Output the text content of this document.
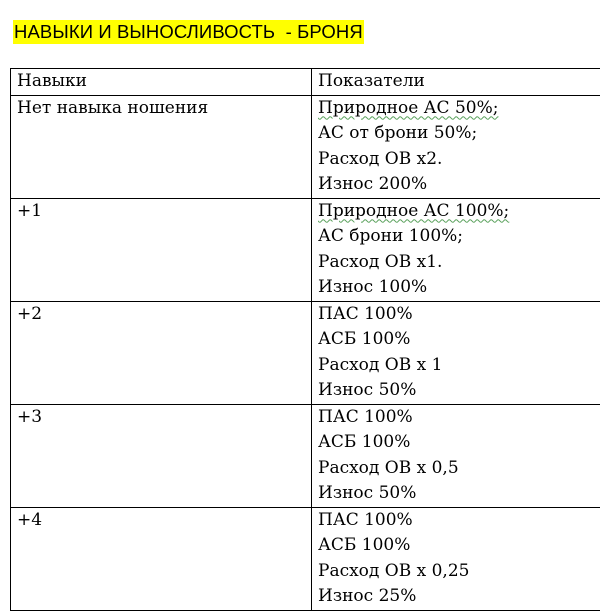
НАВЫКИ И ВЫНОСЛИВОСТЬ  - БРОНЯ
Навыки	Показатели
Нет навыка ношения	Природное АС 50%;
АС от брони 50%;
Расход ОВ х2.
Износ 200%

+1	Природное АС 100%;
АС брони 100%;
Расход ОВ х1.
Износ 100%

+2	ПАС 100%
АСБ 100%
Расход ОВ х 1
Износ 50%

+3	ПАС 100%
АСБ 100%
Расход ОВ х 0,5
Износ 50%

+4	ПАС 100%
АСБ 100%
Расход ОВ х 0,25
Износ 25%
